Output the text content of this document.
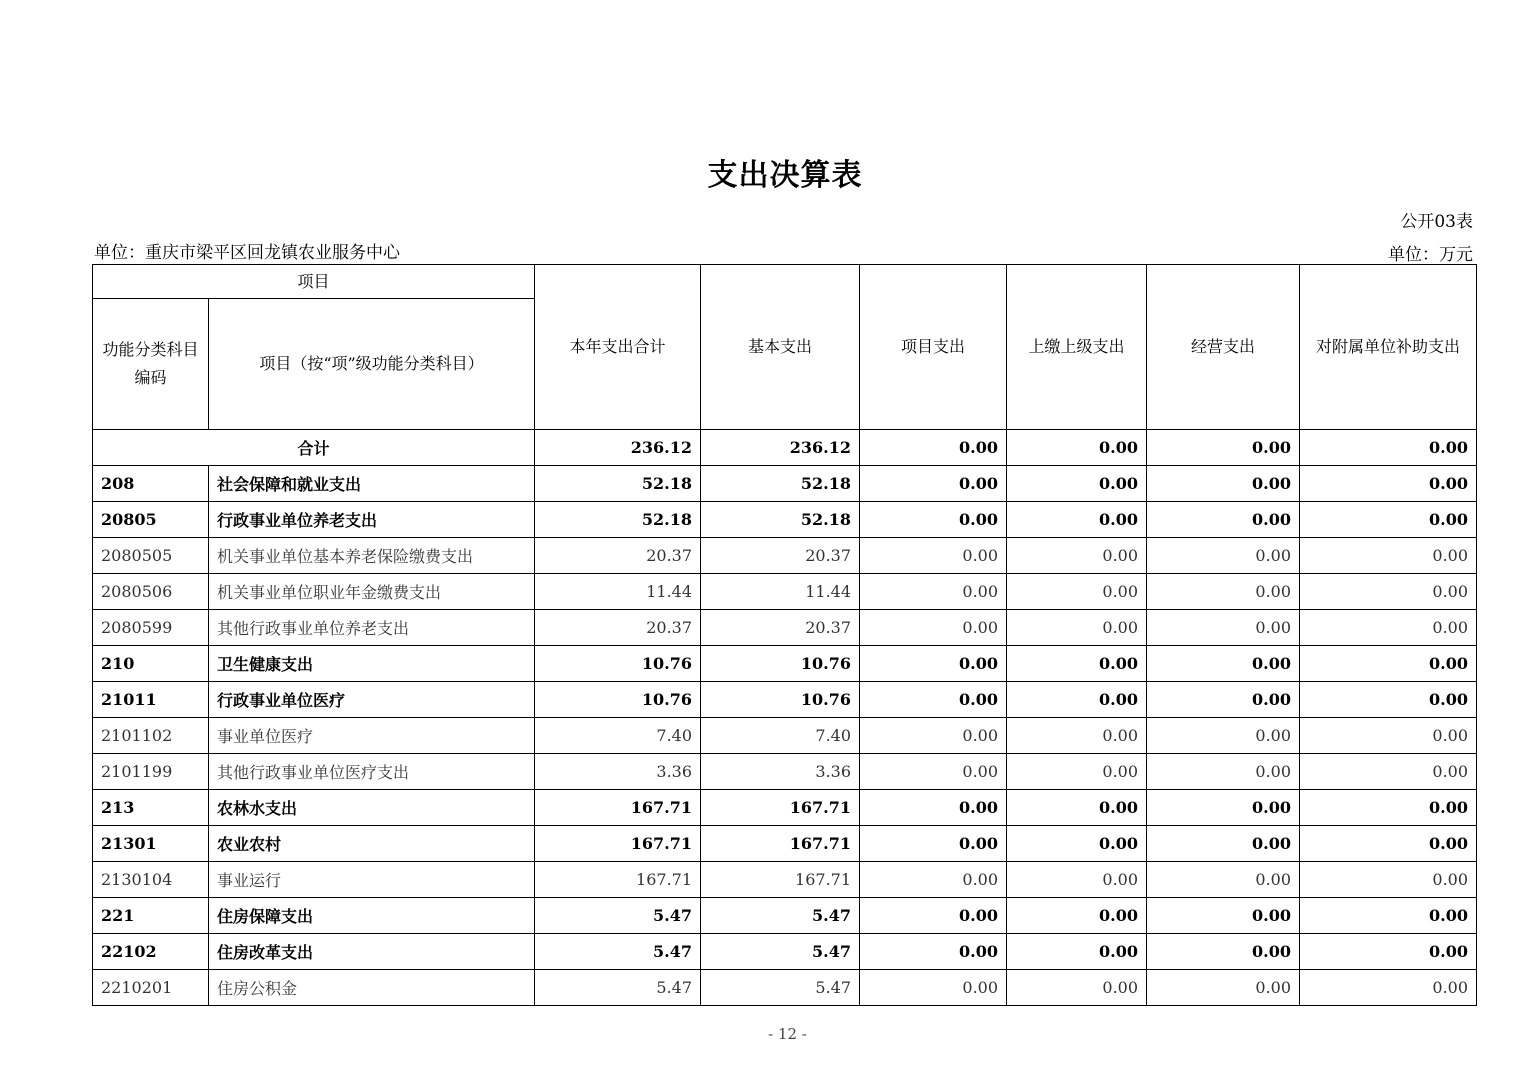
支出决算表
公开03表
单位：重庆市梁平区回龙镇农业服务中心	单位：万元
项目		本年支出合计	基本支出	项目支出	上缴上级支出	经营支出	对附属单位补助支出
功能分类科目编码	项目（按“项”级功能分类科目）						
合计		236.12	236.12	0.00	0.00	0.00	0.00
208	社会保障和就业支出	52.18	52.18	0.00	0.00	0.00	0.00
20805	行政事业单位养老支出	52.18	52.18	0.00	0.00	0.00	0.00
2080505	机关事业单位基本养老保险缴费支出	20.37	20.37	0.00	0.00	0.00	0.00
2080506	机关事业单位职业年金缴费支出	11.44	11.44	0.00	0.00	0.00	0.00
2080599	其他行政事业单位养老支出	20.37	20.37	0.00	0.00	0.00	0.00
210	卫生健康支出	10.76	10.76	0.00	0.00	0.00	0.00
21011	行政事业单位医疗	10.76	10.76	0.00	0.00	0.00	0.00
2101102	事业单位医疗	7.40	7.40	0.00	0.00	0.00	0.00
2101199	其他行政事业单位医疗支出	3.36	3.36	0.00	0.00	0.00	0.00
213	农林水支出	167.71	167.71	0.00	0.00	0.00	0.00
21301	农业农村	167.71	167.71	0.00	0.00	0.00	0.00
2130104	事业运行	167.71	167.71	0.00	0.00	0.00	0.00
221	住房保障支出	5.47	5.47	0.00	0.00	0.00	0.00
22102	住房改革支出	5.47	5.47	0.00	0.00	0.00	0.00
2210201	住房公积金	5.47	5.47	0.00	0.00	0.00	0.00
- 12 -
